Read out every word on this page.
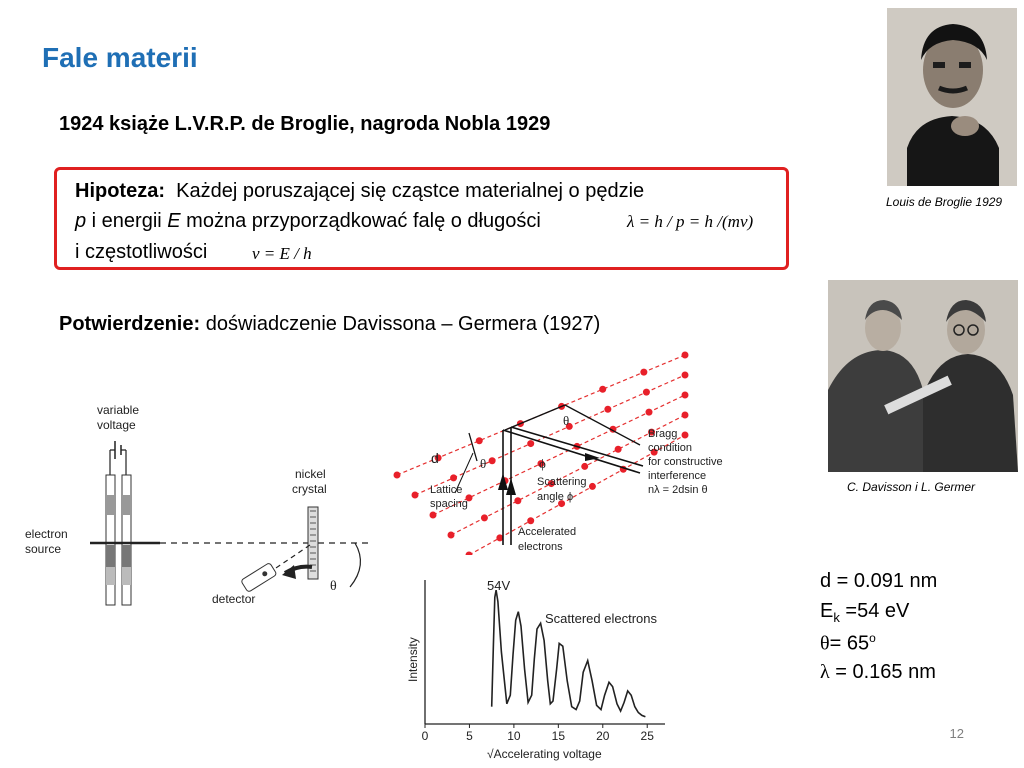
Fale materii
1924 książe L.V.R.P. de Broglie, nagroda Nobla 1929
Hipoteza: Każdej poruszającej się cząstce materialnej o pędzie
p i energii E można przyporządkować falę o długości	λ = h / p = h /(mv)
i częstotliwości	ν = E / h
Potwierdzenie: doświadczenie Davissona – Germera (1927)
Louis de Broglie 1929
C. Davisson i L. Germer
variable
voltage
nickel
crystal
electron
source
detector
θ
d	θ
θ
ϕ
Lattice
spacing
Scattering
angle ϕ
Accelerated
electrons
Bragg
condition
for constructive
interference
nλ = 2dsin θ
0	5	10	15	20	25
54V
Scattered electrons
Intensity
√Accelerating voltage
d = 0.091 nm
$E_k =54$ eV
$\theta= 65^o$
λ = 0.165 nm
12
